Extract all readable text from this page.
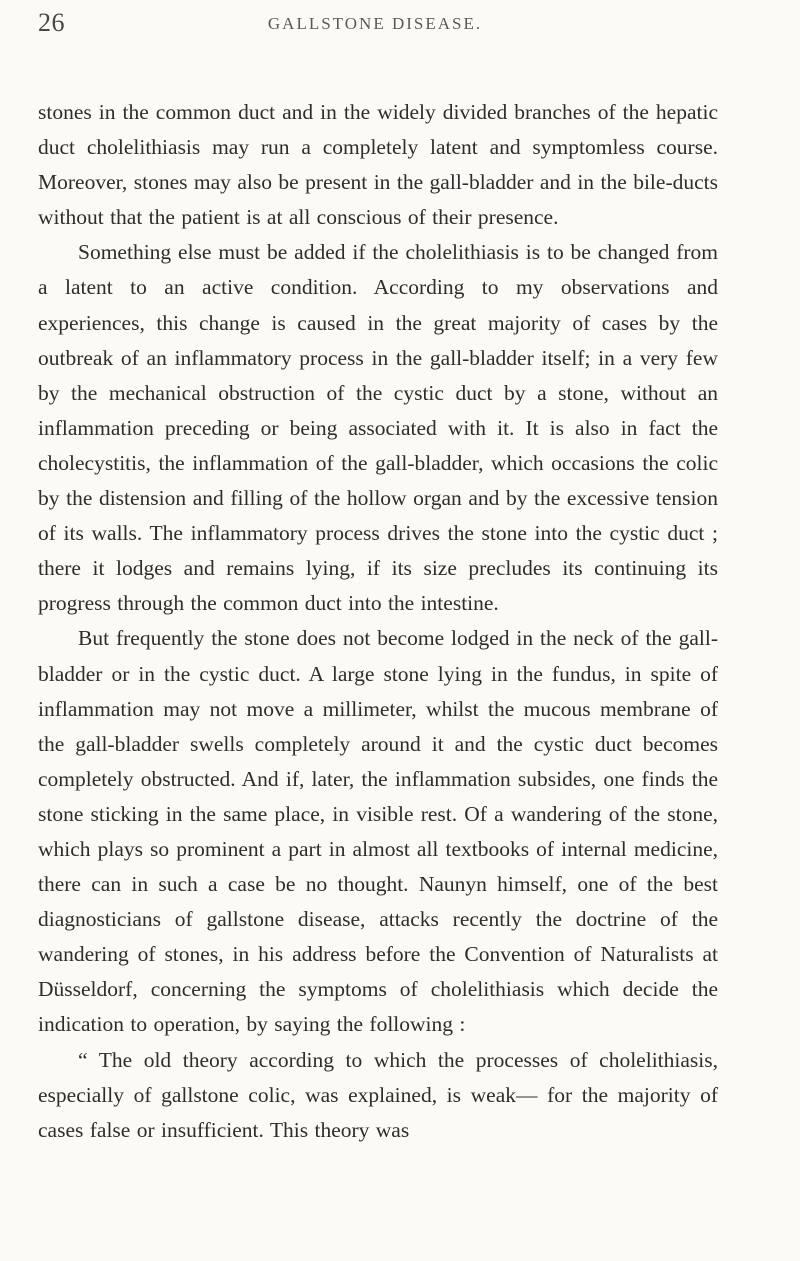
26	GALLSTONE DISEASE.

stones in the common duct and in the widely divided branches of the hepatic duct cholelithiasis may run a completely latent and symptomless course. Moreover, stones may also be present in the gall-bladder and in the bile-ducts without that the patient is at all conscious of their presence.

Something else must be added if the cholelithiasis is to be changed from a latent to an active condition. According to my observations and experiences, this change is caused in the great majority of cases by the outbreak of an inflammatory process in the gall-bladder itself; in a very few by the mechanical obstruction of the cystic duct by a stone, without an inflammation preceding or being associated with it. It is also in fact the cholecystitis, the inflammation of the gall-bladder, which occasions the colic by the distension and filling of the hollow organ and by the excessive tension of its walls. The inflammatory process drives the stone into the cystic duct ; there it lodges and remains lying, if its size precludes its continuing its progress through the common duct into the intestine.

But frequently the stone does not become lodged in the neck of the gall-bladder or in the cystic duct. A large stone lying in the fundus, in spite of inflammation may not move a millimeter, whilst the mucous membrane of the gall-bladder swells completely around it and the cystic duct becomes completely obstructed. And if, later, the inflammation subsides, one finds the stone sticking in the same place, in visible rest. Of a wandering of the stone, which plays so prominent a part in almost all textbooks of internal medicine, there can in such a case be no thought. Naunyn himself, one of the best diagnosticians of gallstone disease, attacks recently the doctrine of the wandering of stones, in his address before the Convention of Naturalists at Düsseldorf, concerning the symptoms of cholelithiasis which decide the indication to operation, by saying the following :

“ The old theory according to which the processes of cholelithiasis, especially of gallstone colic, was explained, is weak— for the majority of cases false or insufficient. This theory was
